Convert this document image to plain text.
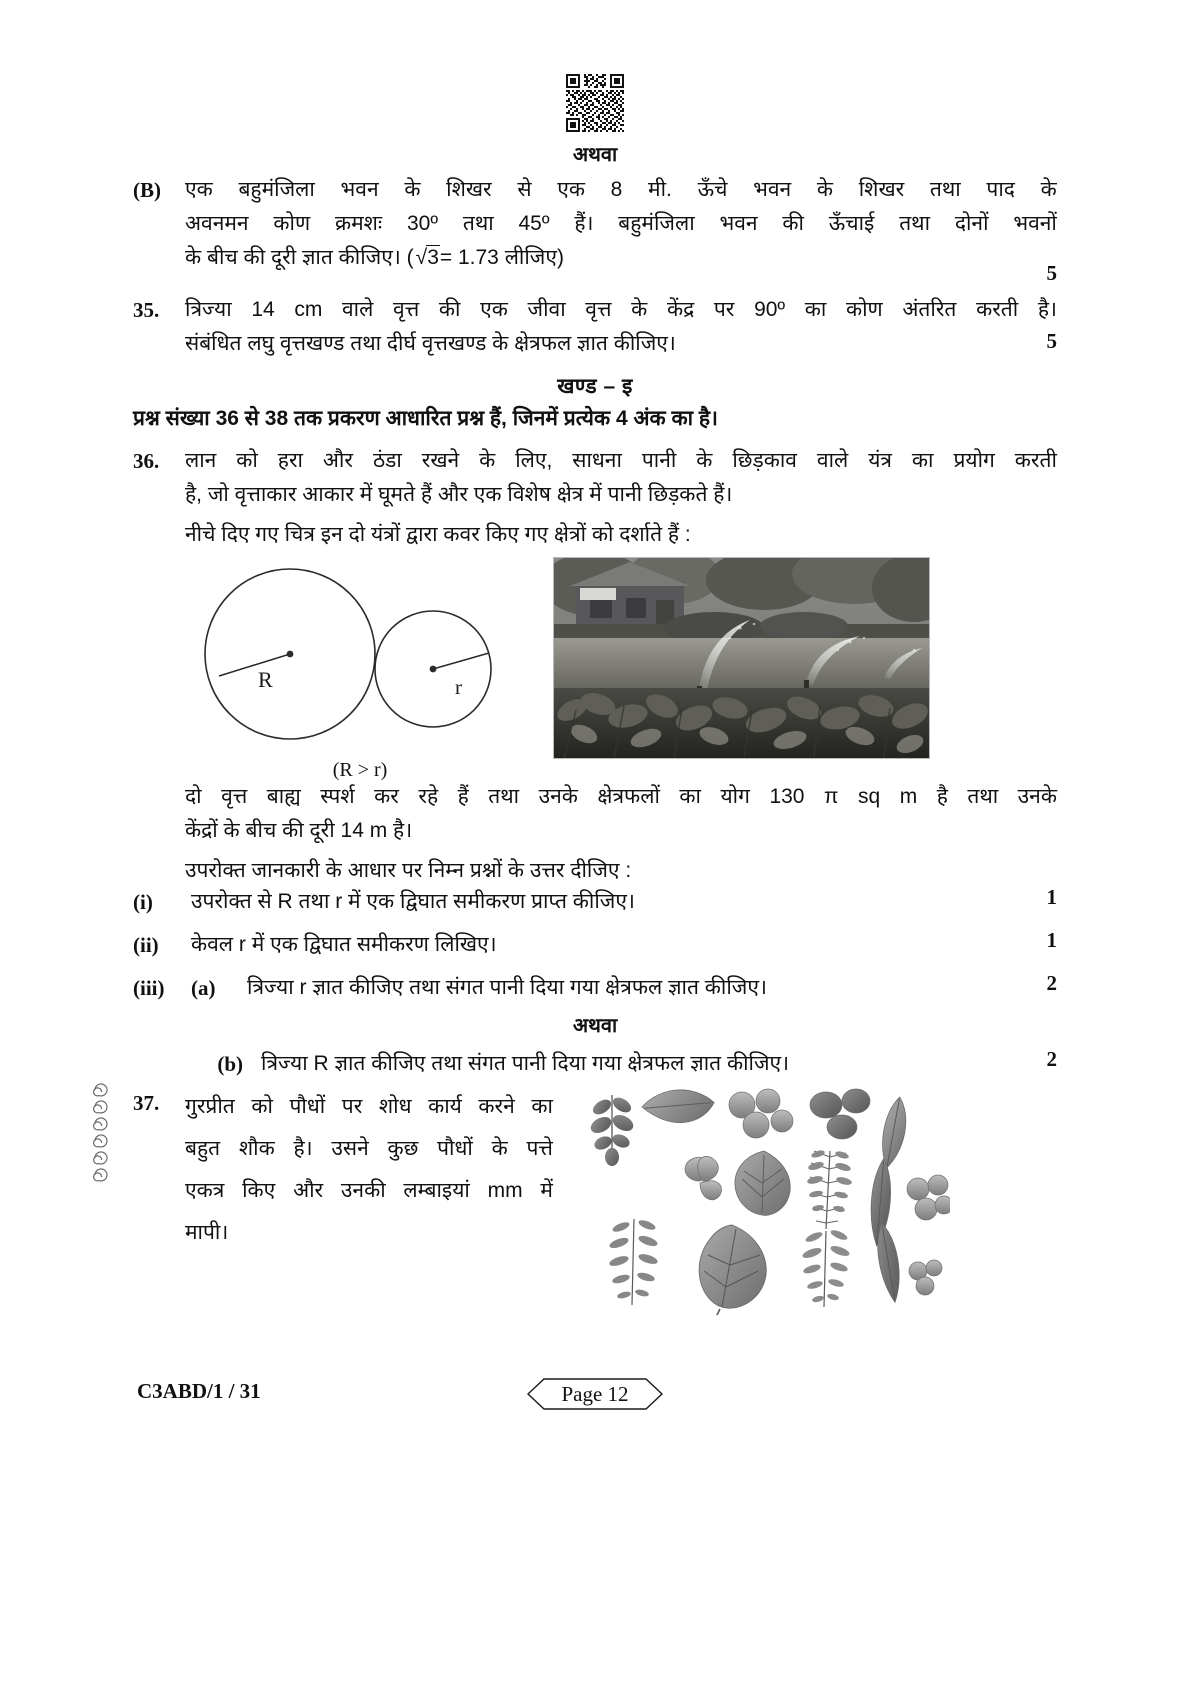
अथवा
(B)	एक बहुमंजिला भवन के शिखर से एक 8 मी. ऊँचे भवन के शिखर तथा पाद के
अवनमन कोण क्रमशः 30º तथा 45º हैं। बहुमंजिला भवन की ऊँचाई तथा दोनों भवनों
के बीच की दूरी ज्ञात कीजिए। (√3= 1.73 लीजिए)
5
35.	त्रिज्या 14 cm वाले वृत्त की एक जीवा वृत्त के केंद्र पर 90º का कोण अंतरित करती है।
संबंधित लघु वृत्तखण्ड तथा दीर्घ वृत्तखण्ड के क्षेत्रफल ज्ञात कीजिए।	5
खण्ड – इ
प्रश्न संख्या 36 से 38 तक प्रकरण आधारित प्रश्न हैं, जिनमें प्रत्येक 4 अंक का है।
36.	लान को हरा और ठंडा रखने के लिए, साधना पानी के छिड़काव वाले यंत्र का प्रयोग करती
है, जो वृत्ताकार आकार में घूमते हैं और एक विशेष क्षेत्र में पानी छिड़कते हैं।
नीचे दिए गए चित्र इन दो यंत्रों द्वारा कवर किए गए क्षेत्रों को दर्शाते हैं :
R	r
(R > r)
दो वृत्त बाह्य स्पर्श कर रहे हैं तथा उनके क्षेत्रफलों का योग 130 π sq m है तथा उनके
केंद्रों के बीच की दूरी 14 m है।
उपरोक्त जानकारी के आधार पर निम्न प्रश्नों के उत्तर दीजिए :
(i)	उपरोक्त से R तथा r में एक द्विघात समीकरण प्राप्त कीजिए।	1
(ii)	केवल r में एक द्विघात समीकरण लिखिए।	1
(iii)	(a)	त्रिज्या r ज्ञात कीजिए तथा संगत पानी दिया गया क्षेत्रफल ज्ञात कीजिए।	2
अथवा
(b) त्रिज्या R ज्ञात कीजिए तथा संगत पानी दिया गया क्षेत्रफल ज्ञात कीजिए।	2
37.	गुरप्रीत को पौधों पर शोध कार्य करने का
बहुत शौक है। उसने कुछ पौधों के पत्ते
एकत्र किए और उनकी लम्बाइयां mm में
मापी।
C3ABD/1 / 31	Page 12
